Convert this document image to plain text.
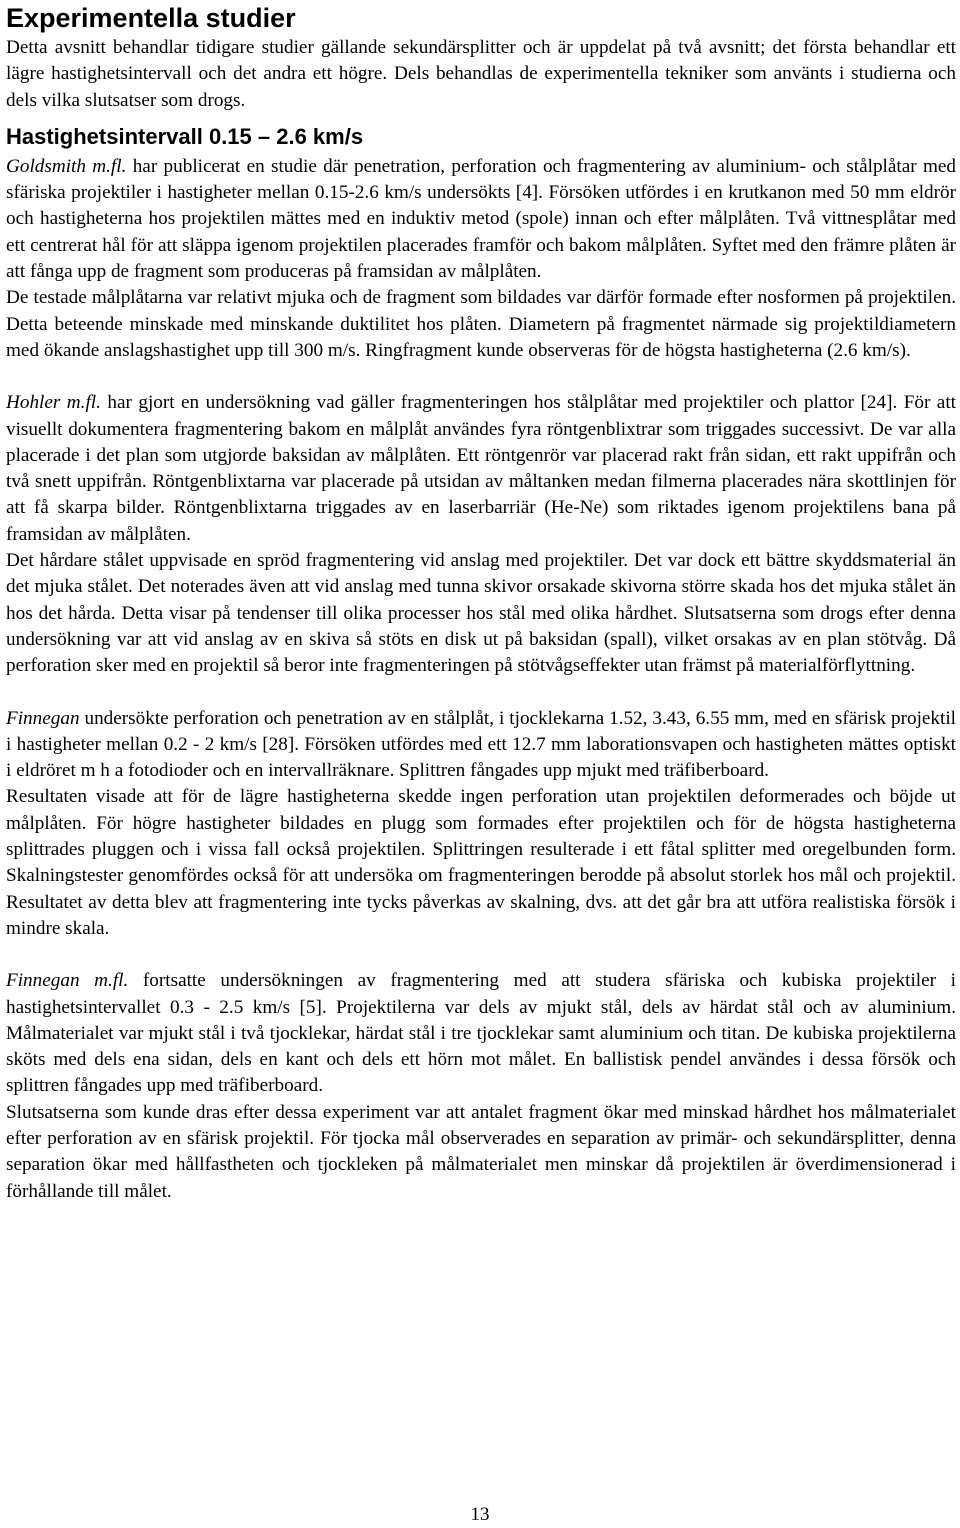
Experimentella studier

Detta avsnitt behandlar tidigare studier gällande sekundärsplitter och är uppdelat på två avsnitt; det första behandlar ett lägre hastighetsintervall och det andra ett högre. Dels behandlas de experimentella tekniker som använts i studierna och dels vilka slutsatser som drogs.

Hastighetsintervall 0.15 – 2.6 km/s

Goldsmith m.fl. har publicerat en studie där penetration, perforation och fragmentering av aluminium- och stålplåtar med sfäriska projektiler i hastigheter mellan 0.15-2.6 km/s undersökts [4]. Försöken utfördes i en krutkanon med 50 mm eldrör och hastigheterna hos projektilen mättes med en induktiv metod (spole) innan och efter målplåten. Två vittnesplåtar med ett centrerat hål för att släppa igenom projektilen placerades framför och bakom målplåten. Syftet med den främre plåten är att fånga upp de fragment som produceras på framsidan av målplåten.

De testade målplåtarna var relativt mjuka och de fragment som bildades var därför formade efter nosformen på projektilen. Detta beteende minskade med minskande duktilitet hos plåten. Diametern på fragmentet närmade sig projektildiametern med ökande anslagshastighet upp till 300 m/s. Ringfragment kunde observeras för de högsta hastigheterna (2.6 km/s).

Hohler m.fl. har gjort en undersökning vad gäller fragmenteringen hos stålplåtar med projektiler och plattor [24]. För att visuellt dokumentera fragmentering bakom en målplåt användes fyra röntgenblixtrar som triggades successivt. De var alla placerade i det plan som utgjorde baksidan av målplåten. Ett röntgenrör var placerad rakt från sidan, ett rakt uppifrån och två snett uppifrån. Röntgenblixtarna var placerade på utsidan av måltanken medan filmerna placerades nära skottlinjen för att få skarpa bilder. Röntgenblixtarna triggades av en laserbarriär (He-Ne) som riktades igenom projektilens bana på framsidan av målplåten.

Det hårdare stålet uppvisade en spröd fragmentering vid anslag med projektiler. Det var dock ett bättre skyddsmaterial än det mjuka stålet. Det noterades även att vid anslag med tunna skivor orsakade skivorna större skada hos det mjuka stålet än hos det hårda. Detta visar på tendenser till olika processer hos stål med olika hårdhet. Slutsatserna som drogs efter denna undersökning var att vid anslag av en skiva så stöts en disk ut på baksidan (spall), vilket orsakas av en plan stötvåg. Då perforation sker med en projektil så beror inte fragmenteringen på stötvågseffekter utan främst på materialförflyttning.

Finnegan undersökte perforation och penetration av en stålplåt, i tjocklekarna 1.52, 3.43, 6.55 mm, med en sfärisk projektil i hastigheter mellan 0.2 - 2 km/s [28]. Försöken utfördes med ett 12.7 mm laborationsvapen och hastigheten mättes optiskt i eldröret m h a fotodioder och en intervallräknare. Splittren fångades upp mjukt med träfiberboard.

Resultaten visade att för de lägre hastigheterna skedde ingen perforation utan projektilen deformerades och böjde ut målplåten. För högre hastigheter bildades en plugg som formades efter projektilen och för de högsta hastigheterna splittrades pluggen och i vissa fall också projektilen. Splittringen resulterade i ett fåtal splitter med oregelbunden form. Skalningstester genomfördes också för att undersöka om fragmenteringen berodde på absolut storlek hos mål och projektil. Resultatet av detta blev att fragmentering inte tycks påverkas av skalning, dvs. att det går bra att utföra realistiska försök i mindre skala.

Finnegan m.fl. fortsatte undersökningen av fragmentering med att studera sfäriska och kubiska projektiler i hastighetsintervallet 0.3 - 2.5 km/s [5]. Projektilerna var dels av mjukt stål, dels av härdat stål och av aluminium. Målmaterialet var mjukt stål i två tjocklekar, härdat stål i tre tjocklekar samt aluminium och titan. De kubiska projektilerna sköts med dels ena sidan, dels en kant och dels ett hörn mot målet. En ballistisk pendel användes i dessa försök och splittren fångades upp med träfiberboard.

Slutsatserna som kunde dras efter dessa experiment var att antalet fragment ökar med minskad hårdhet hos målmaterialet efter perforation av en sfärisk projektil. För tjocka mål observerades en separation av primär- och sekundärsplitter, denna separation ökar med hållfastheten och tjockleken på målmaterialet men minskar då projektilen är överdimensionerad i förhållande till målet.

13
